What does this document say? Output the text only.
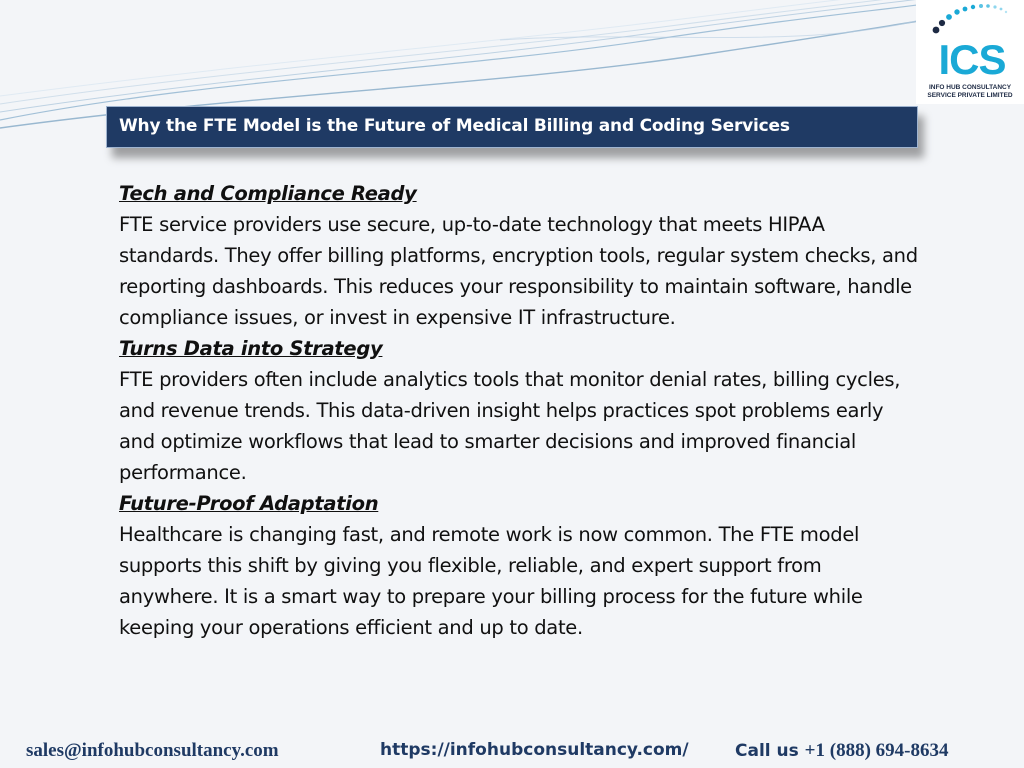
ICS
INFO HUB CONSULTANCY
SERVICE PRIVATE LIMITED
Why the FTE Model is the Future of Medical Billing and Coding Services
Tech and Compliance Ready
FTE service providers use secure, up-to-date technology that meets HIPAA standards. They offer billing platforms, encryption tools, regular system checks, and reporting dashboards. This reduces your responsibility to maintain software, handle compliance issues, or invest in expensive IT infrastructure.
Turns Data into Strategy
FTE providers often include analytics tools that monitor denial rates, billing cycles, and revenue trends. This data-driven insight helps practices spot problems early and optimize workflows that lead to smarter decisions and improved financial performance.
Future-Proof Adaptation
Healthcare is changing fast, and remote work is now common. The FTE model supports this shift by giving you flexible, reliable, and expert support from anywhere. It is a smart way to prepare your billing process for the future while keeping your operations efficient and up to date.
sales@infohubconsultancy.com	https://infohubconsultancy.com/	Call us +1 (888) 694-8634
